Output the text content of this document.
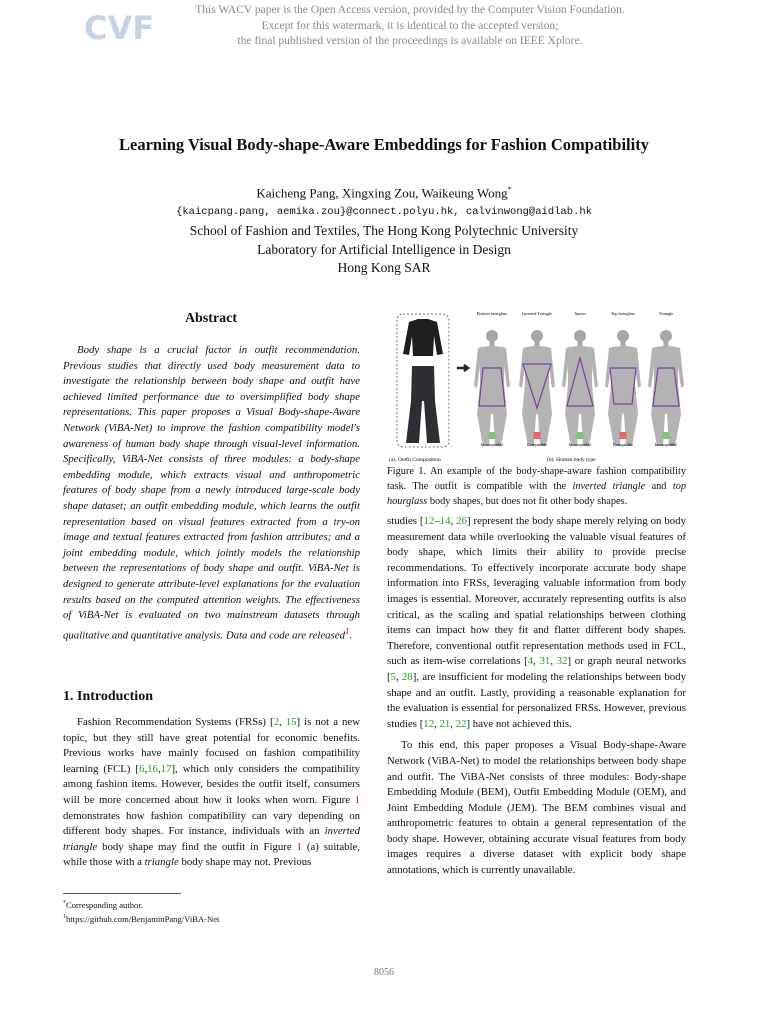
CVF	This WACV paper is the Open Access version, provided by the Computer Vision Foundation.
Except for this watermark, it is identical to the accepted version;
the final published version of the proceedings is available on IEEE Xplore.
Learning Visual Body-shape-Aware Embeddings for Fashion Compatibility
Kaicheng Pang, Xingxing Zou, Waikeung Wong*
{kaicpang.pang, aemika.zou}@connect.polyu.hk, calvinwong@aidlab.hk
School of Fashion and Textiles, The Hong Kong Polytechnic University
Laboratory for Artificial Intelligence in Design
Hong Kong SAR
Abstract

Body shape is a crucial factor in outfit recommendation. Previous studies that directly used body measurement data to investigate the relationship between body shape and outfit have achieved limited performance due to oversimplified body shape representations. This paper proposes a Visual Body-shape-Aware Network (ViBA-Net) to improve the fashion compatibility model's awareness of human body shape through visual-level information. Specifically, ViBA-Net consists of three modules: a body-shape embedding module, which extracts visual and anthropometric features of body shape from a newly introduced large-scale body shape dataset; an outfit embedding module, which learns the outfit representation based on visual features extracted from a try-on image and textual features extracted from fashion attributes; and a joint embedding module, which jointly models the relationship between the representations of body shape and outfit. ViBA-Net is designed to generate attribute-level explanations for the evaluation results based on the computed attention weights. The effectiveness of ViBA-Net is evaluated on two mainstream datasets through qualitative and quantitative analysis. Data and code are released$^1$.

1. Introduction

Fashion Recommendation Systems (FRSs) [2, 15] is not a new topic, but they still have great potential for economic benefits. Previous works have mainly focused on fashion compatibility learning (FCL) [6,16,17], which only considers the compatibility among fashion items. However, besides the outfit itself, consumers will be more concerned about how it looks when worn. Figure 1 demonstrates how fashion compatibility can vary depending on different body shapes. For instance, individuals with an inverted triangle body shape may find the outfit in Figure 1 (a) suitable, while those with a triangle body shape may not. Previous

*Corresponding author.
$^1$https://github.com/BenjaminPang/ViBA-Net
Bottom hourglass
Incompatible
Inverted Triangle
Compatible
Spoon
Incompatible
Top hourglass
Compatible
Triangle
Incompatible
(a). Outfit Composition	(b). Human body type
Figure 1. An example of the body-shape-aware fashion compatibility task. The outfit is compatible with the inverted triangle and top hourglass body shapes, but does not fit other body shapes.

studies [12–14, 26] represent the body shape merely relying on body measurement data while overlooking the valuable visual features of body shape, which limits their ability to provide precise recommendations. To effectively incorporate accurate body shape information into FRSs, leveraging valuable information from body images is essential. Moreover, accurately representing outfits is also critical, as the scaling and spatial relationships between clothing items can impact how they fit and flatter different body shapes. Therefore, conventional outfit representation methods used in FCL, such as item-wise correlations [4, 31, 32] or graph neural networks [5, 28], are insufficient for modeling the relationships between body shape and an outfit. Lastly, providing a reasonable explanation for the evaluation is essential for personalized FRSs. However, previous studies [12, 21, 22] have not achieved this.

To this end, this paper proposes a Visual Body-shape-Aware Network (ViBA-Net) to model the relationships between body shape and outfit. The ViBA-Net consists of three modules: Body-shape Embedding Module (BEM), Outfit Embedding Module (OEM), and Joint Embedding Module (JEM). The BEM combines visual and anthropometric features to obtain a general representation of the body shape. However, obtaining accurate visual features from body images requires a diverse dataset with explicit body shape annotations, which is currently unavailable.

8056
